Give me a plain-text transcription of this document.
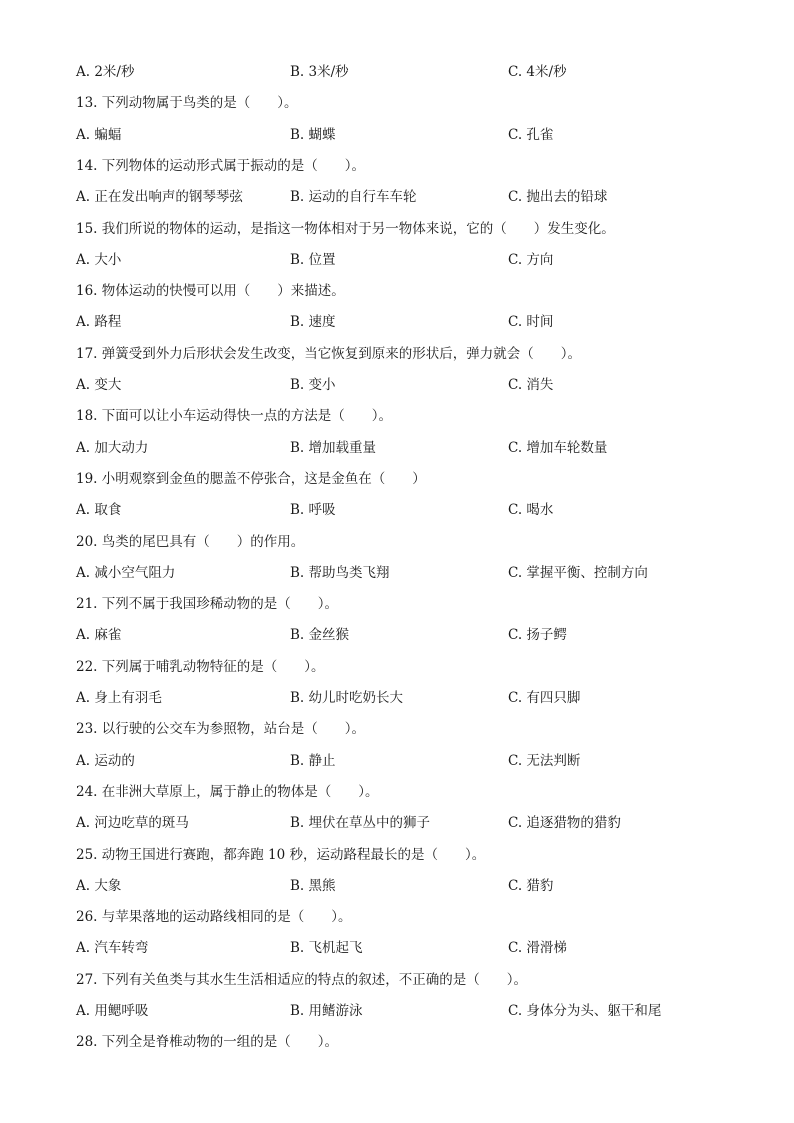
A. 2米/秒	B. 3米/秒	C. 4米/秒
13. 下列动物属于鸟类的是（　　）。
A. 蝙蝠	B. 蝴蝶	C. 孔雀
14. 下列物体的运动形式属于振动的是（　　）。
A. 正在发出响声的钢琴琴弦	B. 运动的自行车车轮	C. 抛出去的铅球
15. 我们所说的物体的运动，是指这一物体相对于另一物体来说，它的（　　）发生变化。
A. 大小	B. 位置	C. 方向
16. 物体运动的快慢可以用（　　）来描述。
A. 路程	B. 速度	C. 时间
17. 弹簧受到外力后形状会发生改变，当它恢复到原来的形状后，弹力就会（　　）。
A. 变大	B. 变小	C. 消失
18. 下面可以让小车运动得快一点的方法是（　　）。
A. 加大动力	B. 增加载重量	C. 增加车轮数量
19. 小明观察到金鱼的腮盖不停张合，这是金鱼在（　　）
A. 取食	B. 呼吸	C. 喝水
20. 鸟类的尾巴具有（　　）的作用。
A. 减小空气阻力	B. 帮助鸟类飞翔	C. 掌握平衡、控制方向
21. 下列不属于我国珍稀动物的是（　　）。
A. 麻雀	B. 金丝猴	C. 扬子鳄
22. 下列属于哺乳动物特征的是（　　）。
A. 身上有羽毛	B. 幼儿时吃奶长大	C. 有四只脚
23. 以行驶的公交车为参照物，站台是（　　）。
A. 运动的	B. 静止	C. 无法判断
24. 在非洲大草原上，属于静止的物体是（　　）。
A. 河边吃草的斑马	B. 埋伏在草丛中的狮子	C. 追逐猎物的猎豹
25. 动物王国进行赛跑，都奔跑 10 秒，运动路程最长的是（　　）。
A. 大象	B. 黑熊	C. 猎豹
26. 与苹果落地的运动路线相同的是（　　）。
A. 汽车转弯	B. 飞机起飞	C. 滑滑梯
27. 下列有关鱼类与其水生生活相适应的特点的叙述，不正确的是（　　）。
A. 用鳃呼吸	B. 用鳍游泳	C. 身体分为头、躯干和尾
28. 下列全是脊椎动物的一组的是（　　）。
